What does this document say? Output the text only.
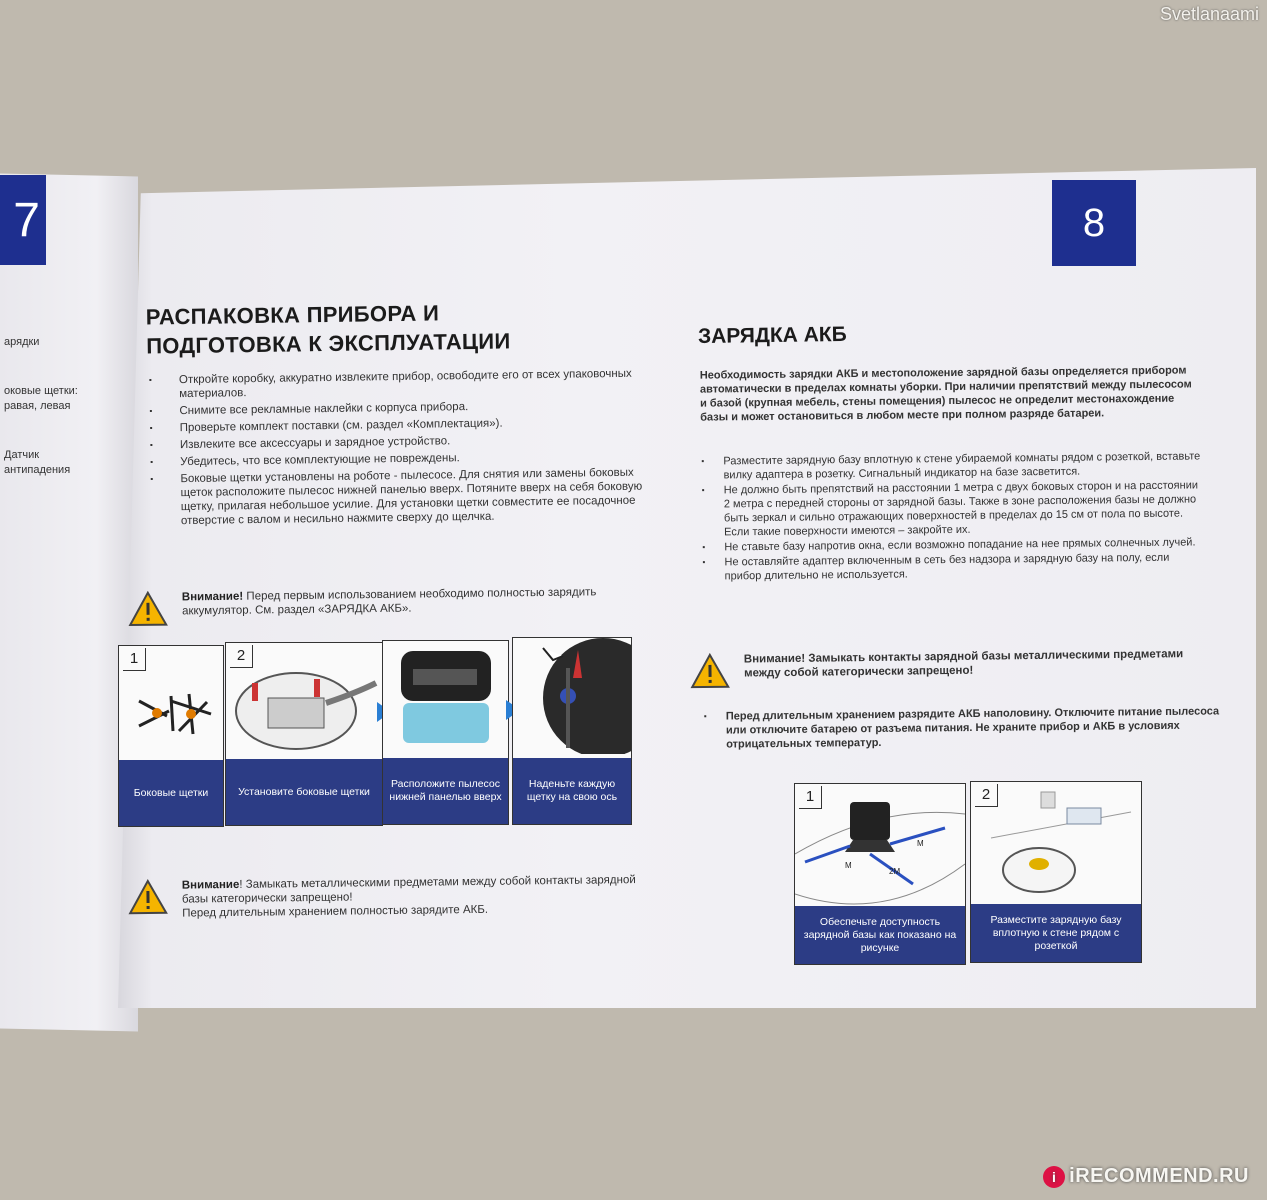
Svetlanaami
i iRECOMMEND.RU
7	8
арядки
оковые щетки:
равая, левая
Датчик
антипадения
РАСПАКОВКА ПРИБОРА И
ПОДГОТОВКА К ЭКСПЛУАТАЦИИ
▪ Откройте коробку, аккуратно извлеките прибор, освободите его от всех упаковочных материалов.
▪ Снимите все рекламные наклейки с корпуса прибора.
▪ Проверьте комплект поставки (см. раздел «Комплектация»).
▪ Извлеките все аксессуары и зарядное устройство.
▪ Убедитесь, что все комплектующие не повреждены.
▪ Боковые щетки установлены на роботе - пылесосе. Для снятия или замены боковых щеток расположите пылесос нижней панелью вверх. Потяните вверх на себя боковую щетку, прилагая небольшое усилие. Для установки щетки совместите ее посадочное отверстие с валом и несильно нажмите сверху до щелчка.
Внимание! Перед первым использованием необходимо полностью зарядить аккумулятор. См. раздел «ЗАРЯДКА АКБ».
1
Боковые щетки
2
Установите боковые щетки
Расположите пылесос нижней панелью вверх
Наденьте каждую щетку на свою ось
Внимание! Замыкать металлическими предметами между собой контакты зарядной базы категорически запрещено!
Перед длительным хранением полностью зарядите АКБ.
ЗАРЯДКА АКБ

Необходимость зарядки АКБ и местоположение зарядной базы определяется прибором автоматически в пределах комнаты уборки. При наличии препятствий между пылесосом и базой (крупная мебель, стены помещения) пылесос не определит местонахождение базы и может остановиться в любом месте при полном разряде батареи.

▪ Разместите зарядную базу вплотную к стене убираемой комнаты рядом с розеткой, вставьте вилку адаптера в розетку. Сигнальный индикатор на базе засветится.
▪ Не должно быть препятствий на расстоянии 1 метра с двух боковых сторон и на расстоянии 2 метра с передней стороны от зарядной базы. Также в зоне расположения базы не должно быть зеркал и сильно отражающих поверхностей в пределах до 15 см от пола по высоте. Если такие поверхности имеются – закройте их.
▪ Не ставьте базу напротив окна, если возможно попадание на нее прямых солнечных лучей.
▪ Не оставляйте адаптер включенным в сеть без надзора и зарядную базу на полу, если прибор длительно не используется.
Внимание! Замыкать контакты зарядной базы металлическими предметами между собой категорически запрещено!
▪ Перед длительным хранением разрядите АКБ наполовину. Отключите питание пылесоса или отключите батарею от разъема питания. Не храните прибор и АКБ в условиях отрицательных температур.
1
M
M
2M
Обеспечьте доступность зарядной базы как показано на рисунке
2
Разместите зарядную базу вплотную к стене рядом с розеткой
